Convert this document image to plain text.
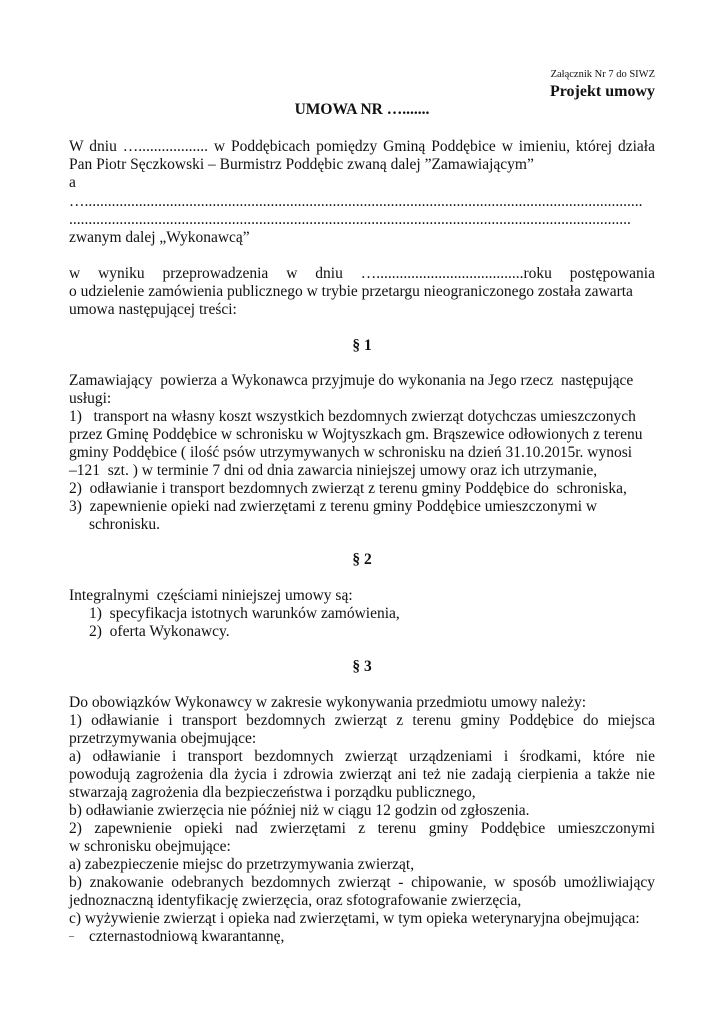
Załącznik Nr 7 do SIWZ
Projekt umowy
UMOWA NR ….......
W dniu ….................. w Poddębicach pomiędzy Gminą Poddębice w imieniu, której działa
Pan Piotr Sęczkowski – Burmistrz Poddębic zwaną dalej ”Zamawiającym”
a
…................................................................................................................................................
.................................................................................................................................................
zwanym dalej „Wykonawcą”
w wyniku przeprowadzenia w dniu …......................................roku postępowania
o udzielenie zamówienia publicznego w trybie przetargu nieograniczonego została zawarta
umowa następującej treści:
§ 1
Zamawiający  powierza a Wykonawca przyjmuje do wykonania na Jego rzecz  następujące
usługi:
1)   transport na własny koszt wszystkich bezdomnych zwierząt dotychczas umieszczonych
przez Gminę Poddębice w schronisku w Wojtyszkach gm. Brąszewice odłowionych z terenu
gminy Poddębice ( ilość psów utrzymywanych w schronisku na dzień 31.10.2015r. wynosi
–121  szt. ) w terminie 7 dni od dnia zawarcia niniejszej umowy oraz ich utrzymanie,
2)  odławianie i transport bezdomnych zwierząt z terenu gminy Poddębice do  schroniska,
3)  zapewnienie opieki nad zwierzętami z terenu gminy Poddębice umieszczonymi w
schronisku.
§ 2
Integralnymi  częściami niniejszej umowy są:
1)  specyfikacja istotnych warunków zamówienia,
2)  oferta Wykonawcy.
§ 3
Do obowiązków Wykonawcy w zakresie wykonywania przedmiotu umowy należy:
1) odławianie i transport bezdomnych zwierząt z terenu gminy Poddębice do miejsca
przetrzymywania obejmujące:
a) odławianie i transport bezdomnych zwierząt urządzeniami i środkami, które nie
powodują zagrożenia dla życia i zdrowia zwierząt ani też nie zadają cierpienia a także nie
stwarzają zagrożenia dla bezpieczeństwa i porządku publicznego,
b) odławianie zwierzęcia nie później niż w ciągu 12 godzin od zgłoszenia.
2) zapewnienie opieki nad zwierzętami z terenu gminy Poddębice umieszczonymi
w schronisku obejmujące:
a) zabezpieczenie miejsc do przetrzymywania zwierząt,
b) znakowanie odebranych bezdomnych zwierząt - chipowanie, w sposób umożliwiający
jednoznaczną identyfikację zwierzęcia, oraz sfotografowanie zwierzęcia,
c) wyżywienie zwierząt i opieka nad zwierzętami, w tym opieka weterynaryjna obejmująca:
– czternastodniową kwarantannę,
